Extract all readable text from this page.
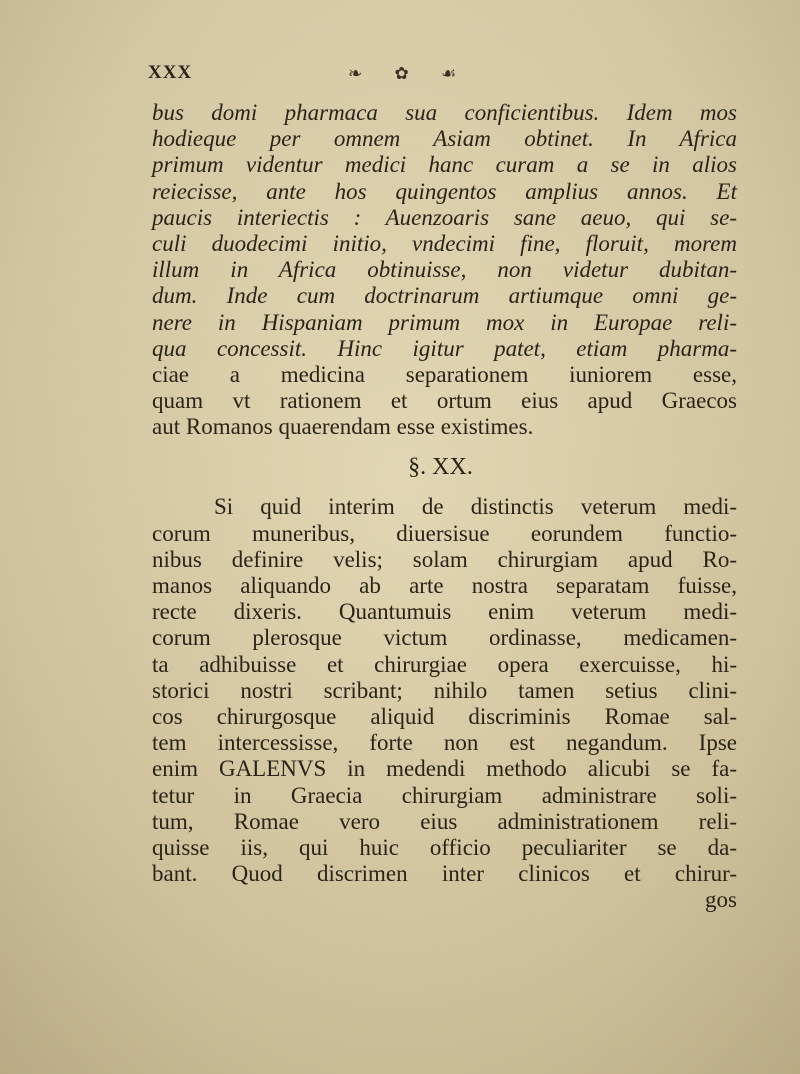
XXX	❧ ✿ ☙
bus domi pharmaca sua conficientibus. Idem mos
hodieque per omnem Asiam obtinet. In Africa
primum videntur medici hanc curam a se in alios
reiecisse, ante hos quingentos amplius annos. Et
paucis interiectis : Auenzoaris sane aeuo, qui se-
culi duodecimi initio, vndecimi fine, floruit, morem
illum in Africa obtinuisse, non videtur dubitan-
dum. Inde cum doctrinarum artiumque omni ge-
nere in Hispaniam primum mox in Europae reli-
qua concessit. Hinc igitur patet, etiam pharma-
ciae a medicina separationem iuniorem esse,
quam vt rationem et ortum eius apud Graecos
aut Romanos quaerendam esse existimes.
§. XX.
Si quid interim de distinctis veterum medi-
corum muneribus, diuersisue eorundem functio-
nibus definire velis; solam chirurgiam apud Ro-
manos aliquando ab arte nostra separatam fuisse,
recte dixeris. Quantumuis enim veterum medi-
corum plerosque victum ordinasse, medicamen-
ta adhibuisse et chirurgiae opera exercuisse, hi-
storici nostri scribant; nihilo tamen setius clini-
cos chirurgosque aliquid discriminis Romae sal-
tem intercessisse, forte non est negandum. Ipse
enim GALENVS in medendi methodo alicubi se fa-
tetur in Graecia chirurgiam administrare soli-
tum, Romae vero eius administrationem reli-
quisse iis, qui huic officio peculiariter se da-
bant. Quod discrimen inter clinicos et chirur-
gos
